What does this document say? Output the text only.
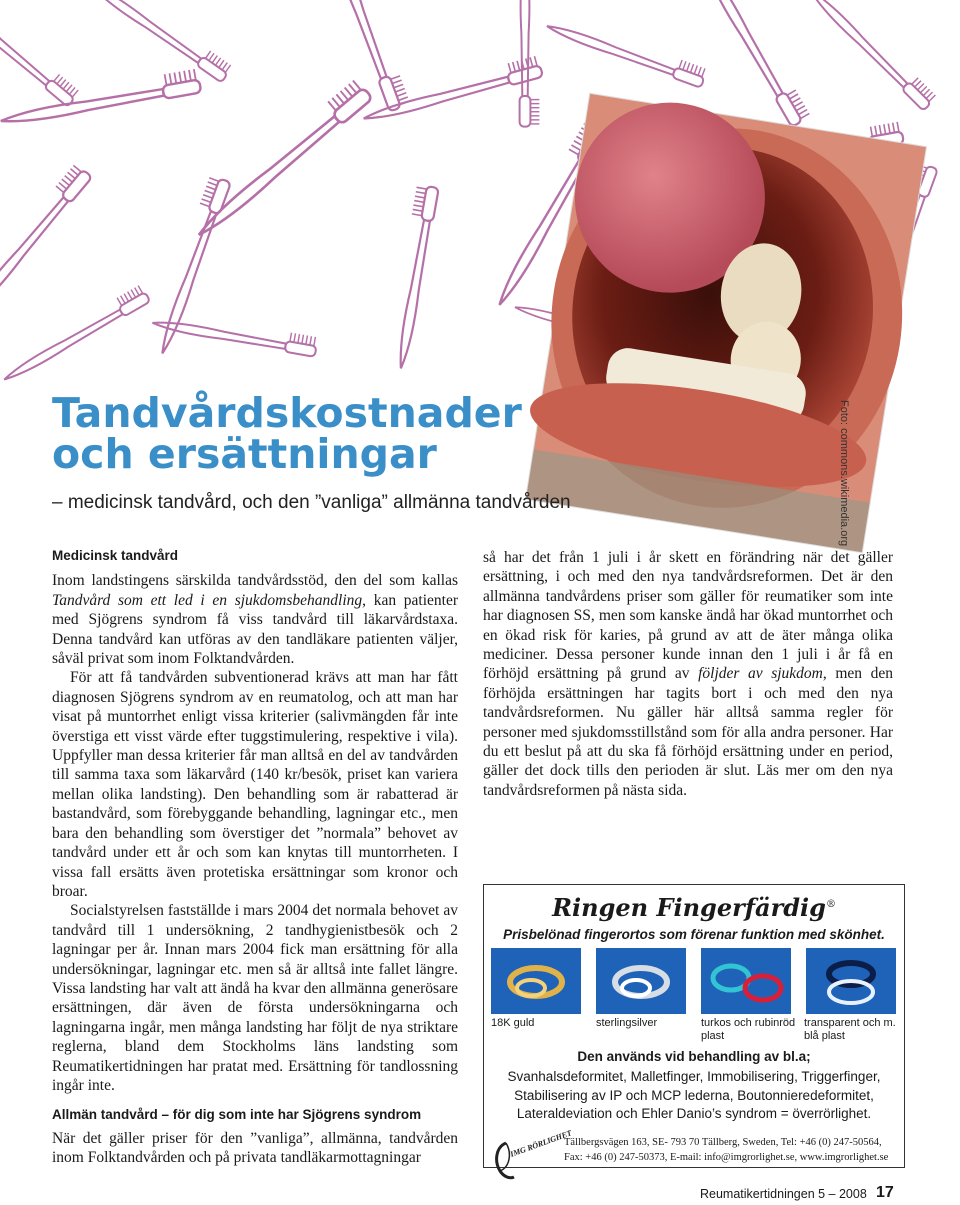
Foto: commons.wikimedia.org
Tandvårdskostnader
och ersättningar
– medicinsk tandvård, och den ”vanliga” allmänna tandvården
Medicinsk tandvård

Inom landstingens särskilda tandvårdsstöd, den del som kallas Tandvård som ett led i en sjukdomsbehandling, kan patienter med Sjögrens syndrom få viss tandvård till läkarvårdstaxa. Denna tandvård kan utföras av den tandläkare patienten väljer, såväl privat som inom Folktandvården.

För att få tandvården subventionerad krävs att man har fått diagnosen Sjögrens syndrom av en reumatolog, och att man har visat på muntorrhet enligt vissa kriterier (salivmängden får inte överstiga ett visst värde efter tuggstimulering, respektive i vila). Uppfyller man dessa kriterier får man alltså en del av tandvården till samma taxa som läkarvård (140 kr/besök, priset kan variera mellan olika landsting). Den behandling som är rabatterad är bastandvård, som förebyggande behandling, lagningar etc., men bara den behandling som överstiger det ”normala” behovet av tandvård under ett år och som kan knytas till muntorrheten. I vissa fall ersätts även protetiska ersättningar som kronor och broar.

Socialstyrelsen fastställde i mars 2004 det normala behovet av tandvård till 1 undersökning, 2 tandhygienistbesök och 2 lagningar per år. Innan mars 2004 fick man ersättning för alla undersökningar, lagningar etc. men så är alltså inte fallet längre. Vissa landsting har valt att ändå ha kvar den allmänna generösare ersättningen, där även de första undersökningarna och lagningarna ingår, men många landsting har följt de nya striktare reglerna, bland dem Stockholms läns landsting som Reumatikertidningen har pratat med. Ersättning för tandlossning ingår inte.

Allmän tandvård – för dig som inte har Sjögrens syndrom

När det gäller priser för den ”vanliga”, allmänna, tandvården inom Folktandvården och på privata tandläkarmottagningar

så har det från 1 juli i år skett en förändring när det gäller ersättning, i och med den nya tandvårdsreformen. Det är den allmänna tandvårdens priser som gäller för reumatiker som inte har diagnosen SS, men som kanske ändå har ökad muntorrhet och en ökad risk för karies, på grund av att de äter många olika mediciner. Dessa personer kunde innan den 1 juli i år få en förhöjd ersättning på grund av följder av sjukdom, men den förhöjda ersättningen har tagits bort i och med den nya tandvårdsreformen. Nu gäller här alltså samma regler för personer med sjukdomsstillstånd som för alla andra personer. Har du ett beslut på att du ska få förhöjd ersättning under en period, gäller det dock tills den perioden är slut. Läs mer om den nya tandvårdsreformen på nästa sida.

Ringen Fingerfärdig®
Prisbelönad fingerortos som förenar funktion med skönhet.
18K guld	sterlingsilver	turkos och rubinröd plast
transparent och m. blå plast
Den används vid behandling av bl.a;

Svanhalsdeformitet, Malletfinger, Immobilisering, Triggerfinger, Stabilisering av IP och MCP lederna, Boutonnieredeformitet, Lateraldeviation och Ehler Danio’s syndrom = överrörlighet.

IMG RÖRLIGHET
Tällbergsvägen 163, SE- 793 70 Tällberg, Sweden, Tel: +46 (0) 247-50564,
Fax: +46 (0) 247-50373, E-mail: info@imgrorlighet.se, www.imgrorlighet.se
Reumatikertidningen 5 – 2008 17
